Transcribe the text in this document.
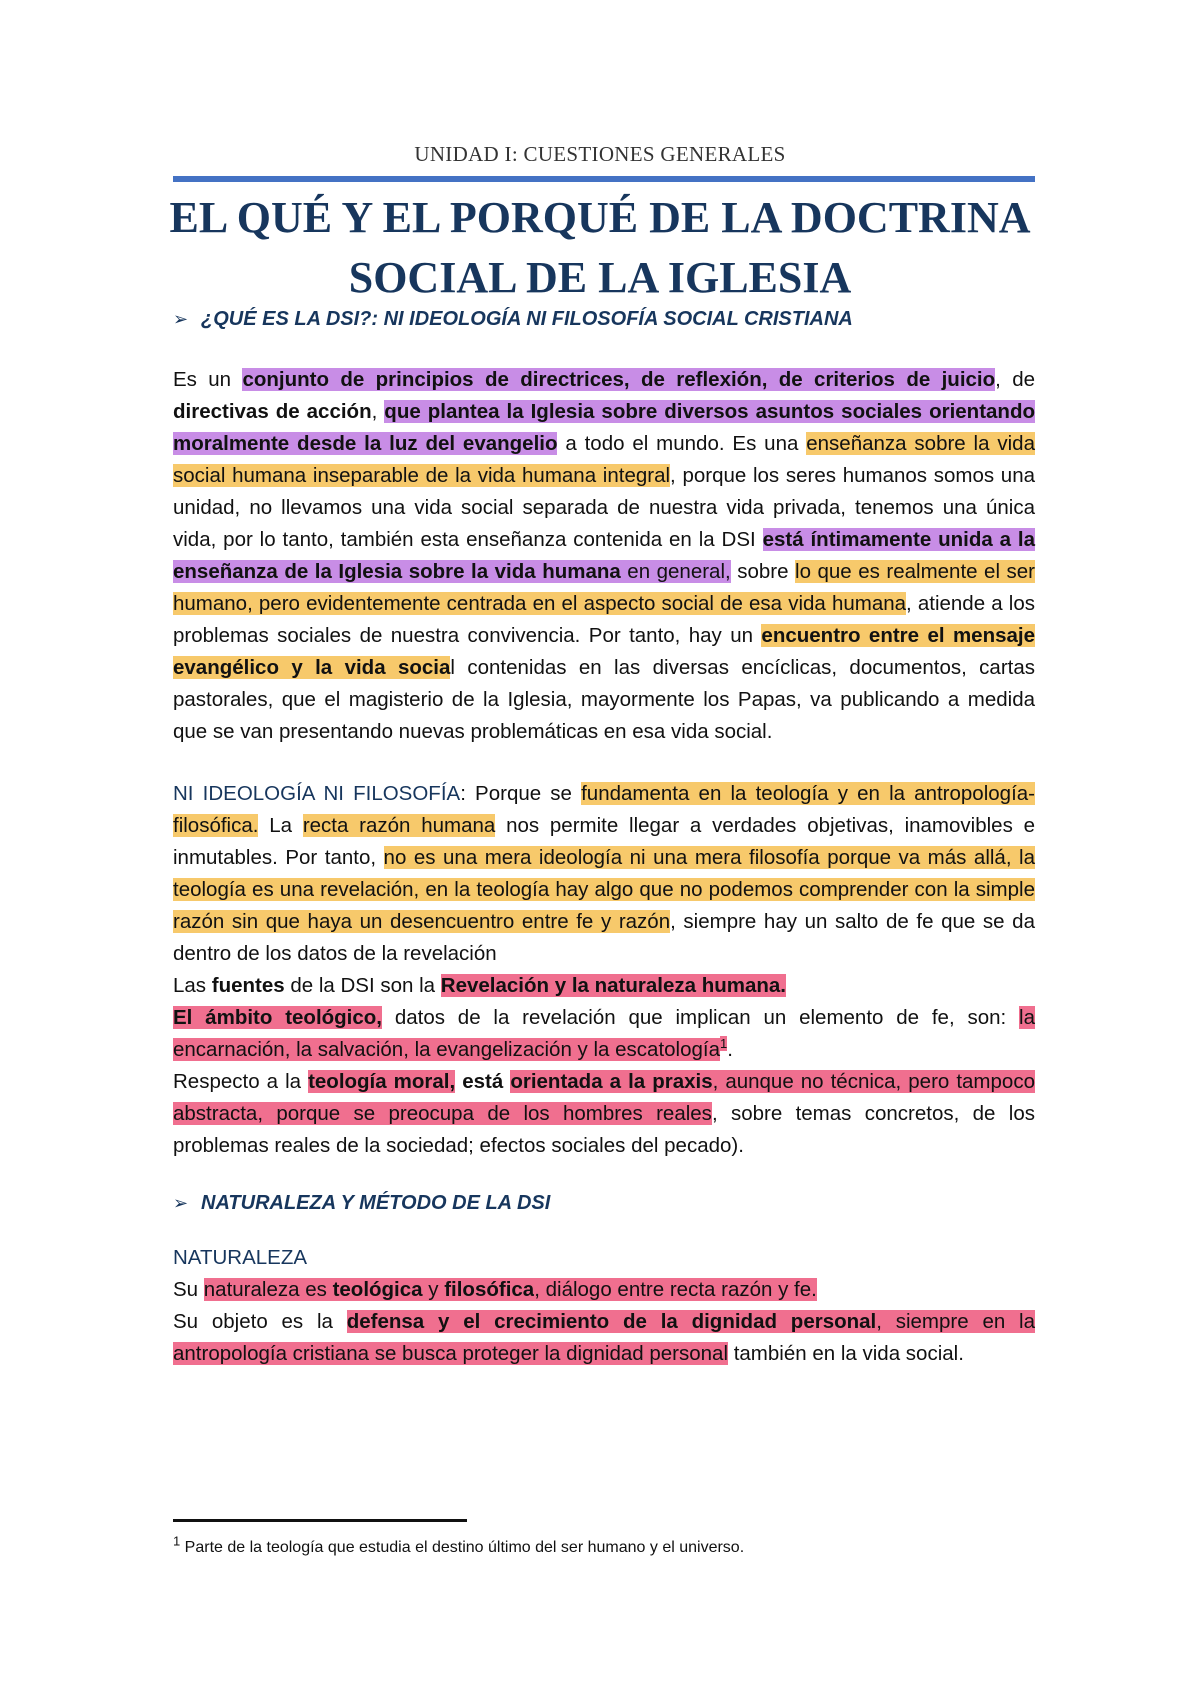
UNIDAD I: CUESTIONES GENERALES
EL QUÉ Y EL PORQUÉ DE LA DOCTRINA
SOCIAL DE LA IGLESIA
➢ ¿QUÉ ES LA DSI?: NI IDEOLOGÍA NI FILOSOFÍA SOCIAL CRISTIANA

Es un conjunto de principios de directrices, de reflexión, de criterios de juicio, de directivas de acción, que plantea la Iglesia sobre diversos asuntos sociales orientando moralmente desde la luz del evangelio a todo el mundo. Es una enseñanza sobre la vida social humana inseparable de la vida humana integral, porque los seres humanos somos una unidad, no llevamos una vida social separada de nuestra vida privada, tenemos una única vida, por lo tanto, también esta enseñanza contenida en la DSI está íntimamente unida a la enseñanza de la Iglesia sobre la vida humana en general, sobre lo que es realmente el ser humano, pero evidentemente centrada en el aspecto social de esa vida humana, atiende a los problemas sociales de nuestra convivencia. Por tanto, hay un encuentro entre el mensaje evangélico y la vida social contenidas en las diversas encíclicas, documentos, cartas pastorales, que el magisterio de la Iglesia, mayormente los Papas, va publicando a medida que se van presentando nuevas problemáticas en esa vida social.

NI IDEOLOGÍA NI FILOSOFÍA: Porque se fundamenta en la teología y en la antropología-filosófica. La recta razón humana nos permite llegar a verdades objetivas, inamovibles e inmutables. Por tanto, no es una mera ideología ni una mera filosofía porque va más allá, la teología es una revelación, en la teología hay algo que no podemos comprender con la simple razón sin que haya un desencuentro entre fe y razón, siempre hay un salto de fe que se da dentro de los datos de la revelación

Las fuentes de la DSI son la Revelación y la naturaleza humana.

El ámbito teológico, datos de la revelación que implican un elemento de fe, son: la encarnación, la salvación, la evangelización y la escatología$^1$.

Respecto a la teología moral, está orientada a la praxis, aunque no técnica, pero tampoco abstracta, porque se preocupa de los hombres reales, sobre temas concretos, de los problemas reales de la sociedad; efectos sociales del pecado).

➢ NATURALEZA Y MÉTODO DE LA DSI

NATURALEZA

Su naturaleza es teológica y filosófica, diálogo entre recta razón y fe.

Su objeto es la defensa y el crecimiento de la dignidad personal, siempre en la antropología cristiana se busca proteger la dignidad personal también en la vida social.

$^1$ Parte de la teología que estudia el destino último del ser humano y el universo.
